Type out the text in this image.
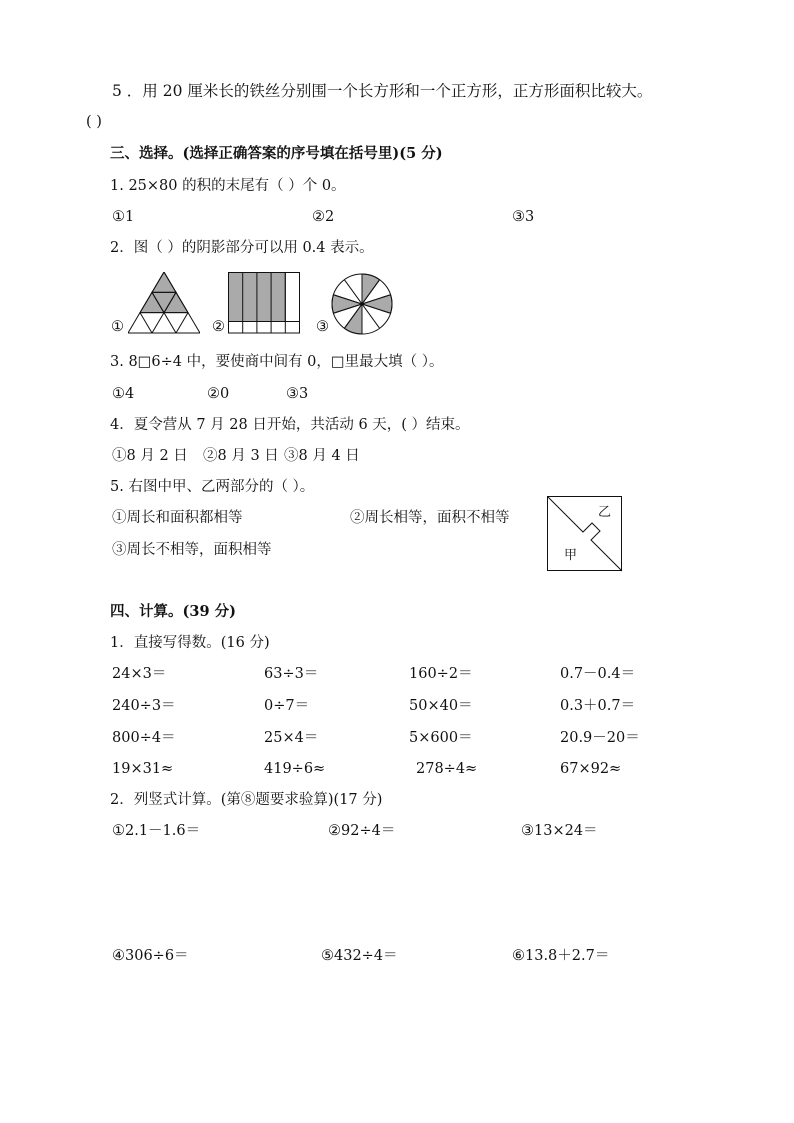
5 ．用 20 厘米长的铁丝分别围一个长方形和一个正方形，正方形面积比较大。
( )
三、选择。(选择正确答案的序号填在括号里)(5 分)
1. 25×80 的积的末尾有（ ）个 0。
①1	②2	③3
2．图（ ）的阴影部分可以用 0.4 表示。
①	②	③
3. 8□6÷4 中，要使商中间有 0，□里最大填（ ）。
①4	②0	③3
4．夏令营从 7 月 28 日开始，共活动 6 天，( ）结束。
①8 月 2 日 ②8 月 3 日 ③8 月 4 日
5. 右图中甲、乙两部分的（ ）。
①周长和面积都相等	②周长相等，面积不相等
③周长不相等，面积相等
乙
甲
四、计算。(39 分)
1．直接写得数。(16 分)
24×3＝	63÷3＝	160÷2＝	0.7－0.4＝
240÷3＝	0÷7＝	50×40＝	0.3＋0.7＝
800÷4＝	25×4＝	5×600＝	20.9－20＝
19×31≈	419÷6≈	278÷4≈	67×92≈
2．列竖式计算。(第⑧题要求验算)(17 分)
①2.1－1.6＝	②92÷4＝	③13×24＝
④306÷6＝	⑤432÷4＝	⑥13.8＋2.7＝
